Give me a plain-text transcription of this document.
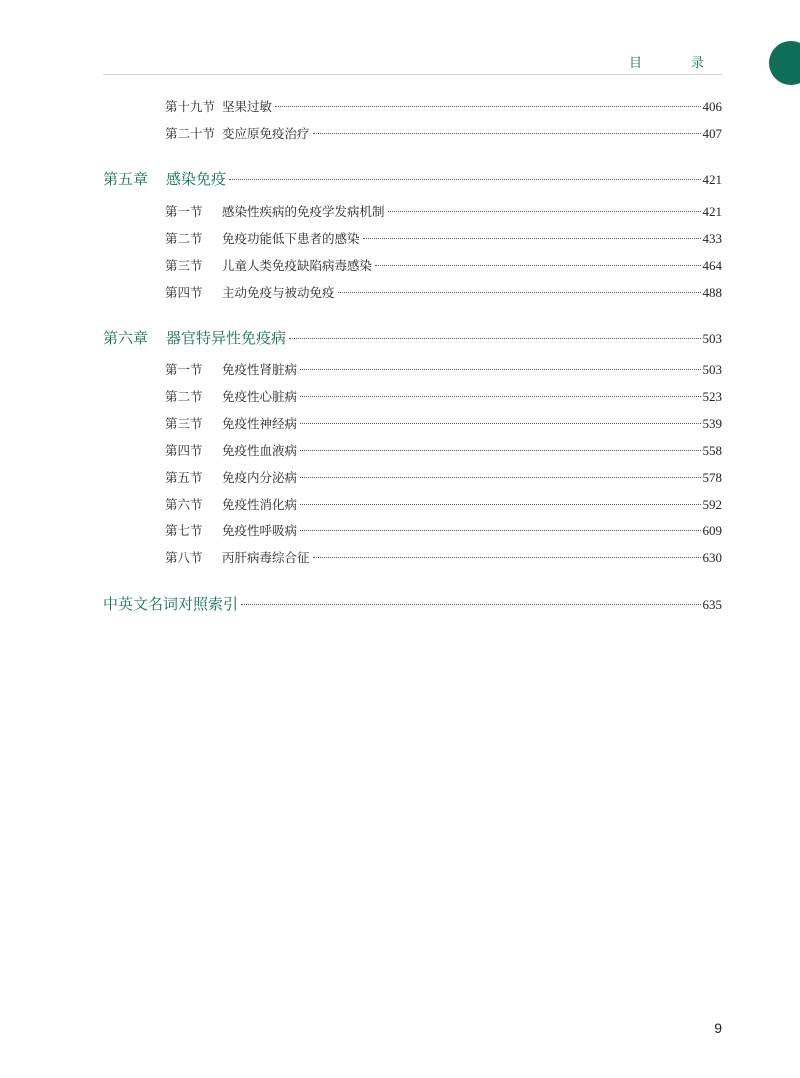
目　录
第十九节 坚果过敏	406
第二十节 变应原免疫治疗	407
第五章	感染免疫	421
第一节	感染性疾病的免疫学发病机制	421
第二节	免疫功能低下患者的感染	433
第三节	儿童人类免疫缺陷病毒感染	464
第四节	主动免疫与被动免疫	488
第六章	器官特异性免疫病	503
第一节	免疫性肾脏病	503
第二节	免疫性心脏病	523
第三节	免疫性神经病	539
第四节	免疫性血液病	558
第五节	免疫内分泌病	578
第六节	免疫性消化病	592
第七节	免疫性呼吸病	609
第八节	丙肝病毒综合征	630
中英文名词对照索引	635
9
